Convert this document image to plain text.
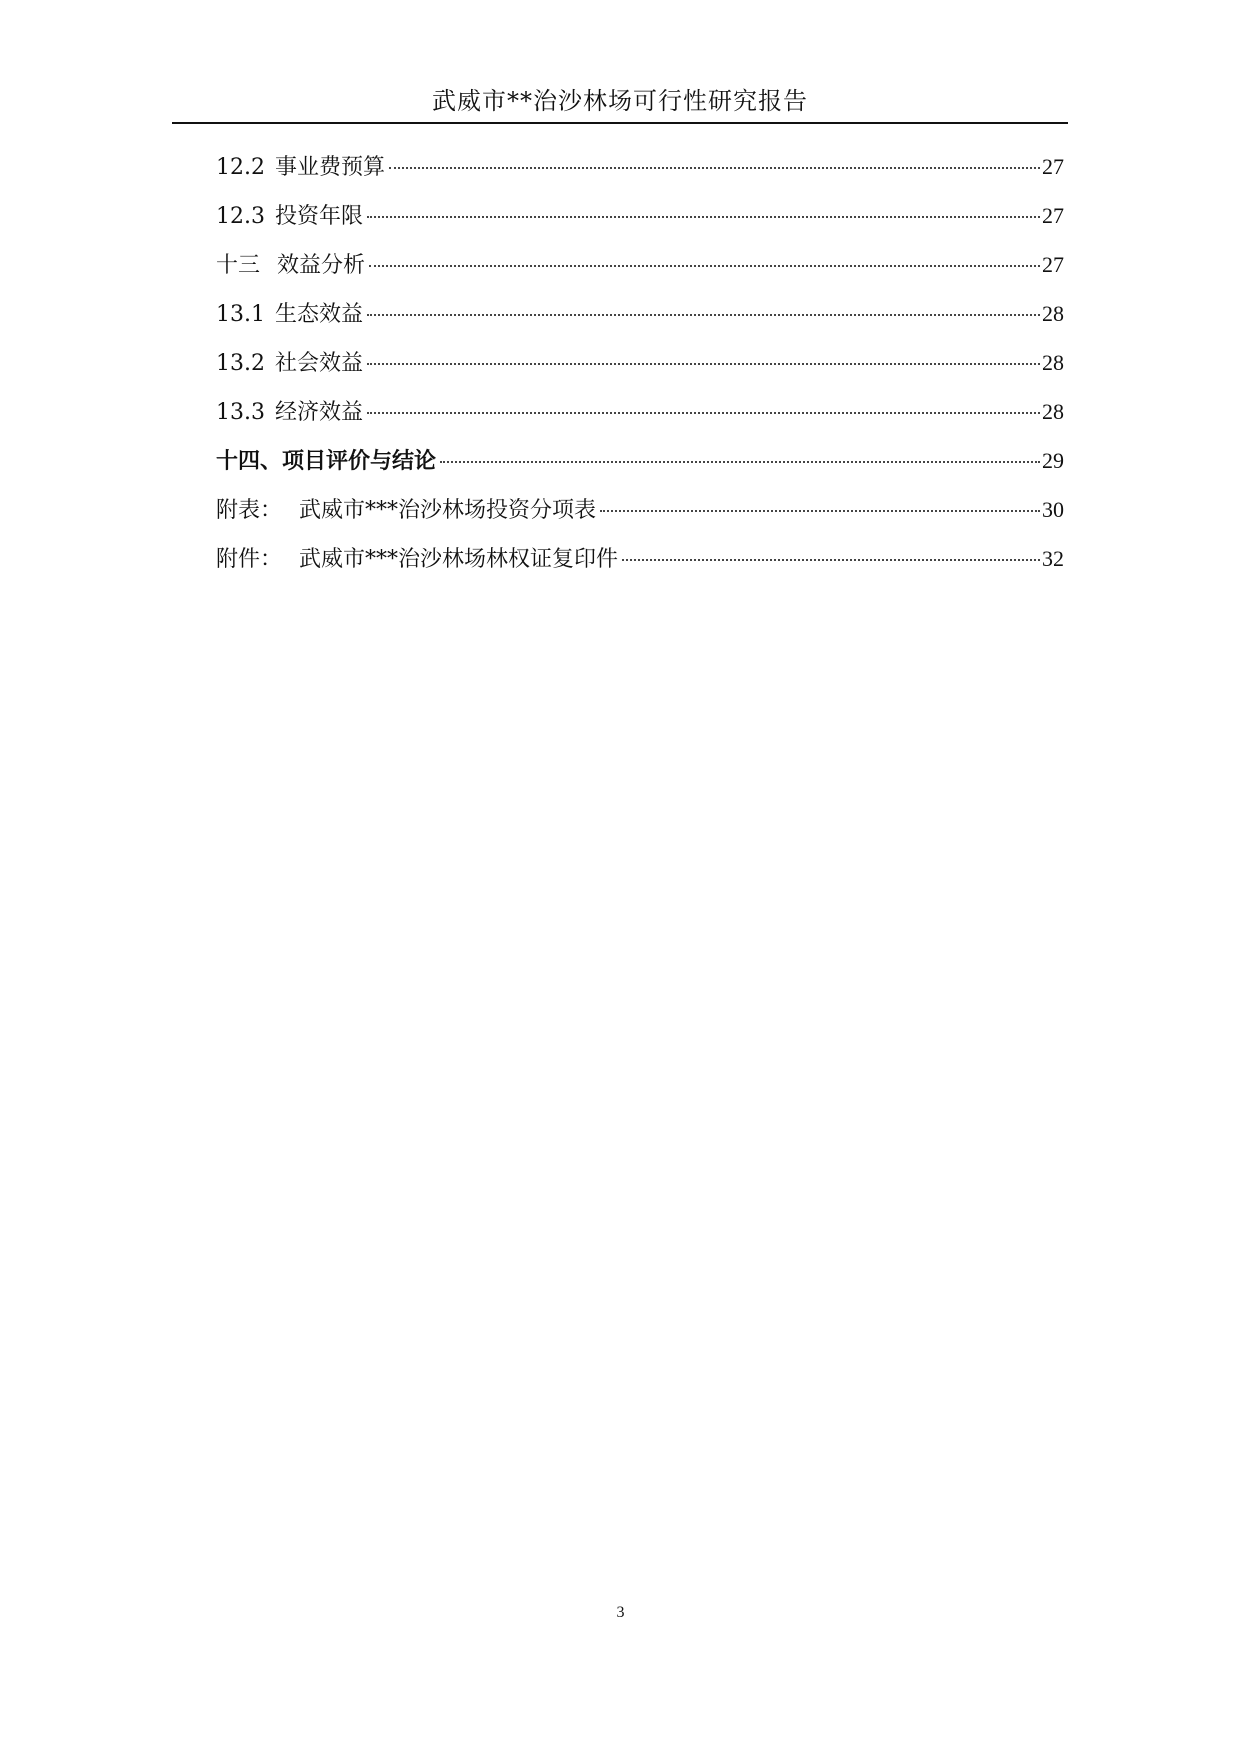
武威市**治沙林场可行性研究报告
12.2 事业费预算	27
12.3 投资年限	27
十三 效益分析	27
13.1 生态效益	28
13.2 社会效益	28
13.3 经济效益	28
十四、项目评价与结论	29
附表： 武威市***治沙林场投资分项表	30
附件： 武威市***治沙林场林权证复印件	32
3
